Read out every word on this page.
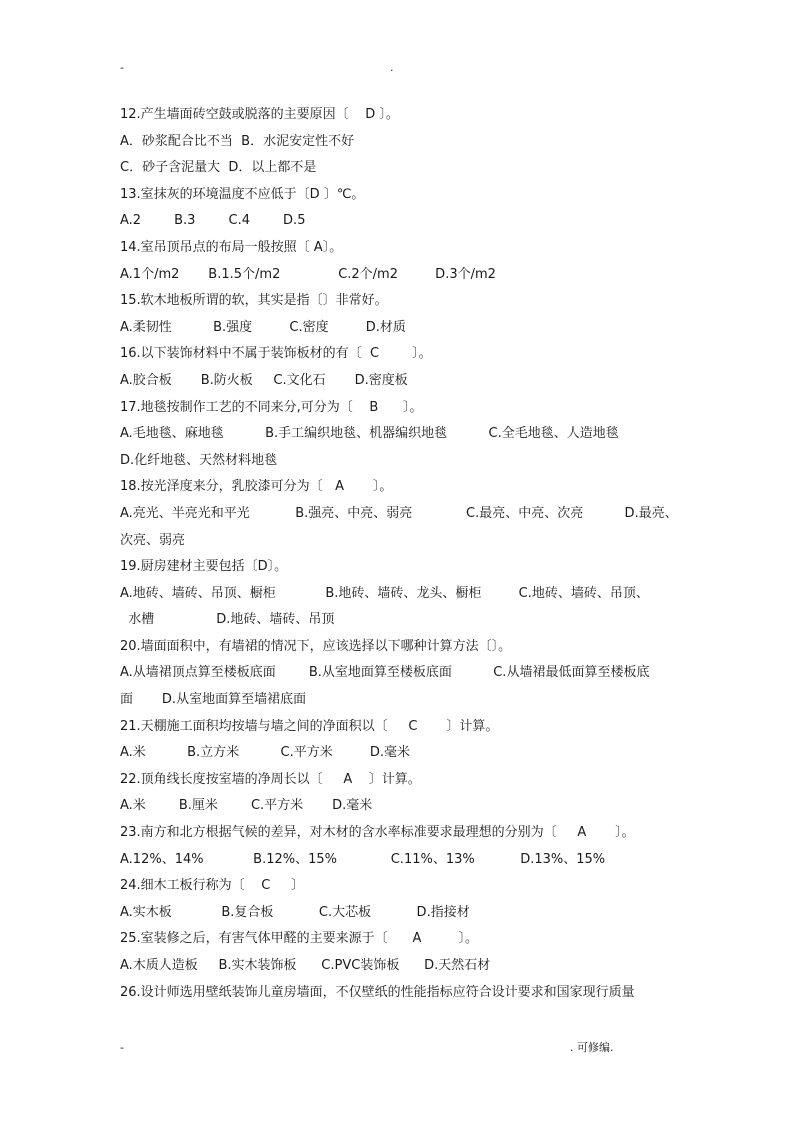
-	.
12.产生墙面砖空鼓或脱落的主要原因〔    D 〕。
A．砂浆配合比不当  B．水泥安定性不好
C．砂子含泥量大  D．以上都不是
13.室抹灰的环境温度不应低于〔D 〕℃。
A.2        B.3        C.4        D.5
14.室吊顶吊点的布局一般按照〔 A〕。
A.1个/m2       B.1.5个/m2              C.2个/m2         D.3个/m2
15.软木地板所谓的软，其实是指〔〕非常好。
A.柔韧性          B.强度         C.密度         D.材质
16.以下装饰材料中不属于装饰板材的有〔  C        〕。
A.胶合板       B.防火板     C.文化石       D.密度板
17.地毯按制作工艺的不同来分,可分为〔    B      〕。
A.毛地毯、麻地毯          B.手工编织地毯、机器编织地毯          C.全毛地毯、人造地毯
D.化纤地毯、天然材料地毯
18.按光泽度来分，乳胶漆可分为〔   A       〕。
A.亮光、半亮光和平光           B.强亮、中亮、弱亮             C.最亮、中亮、次亮          D.最亮、
次亮、弱亮
19.厨房建材主要包括〔D〕。
A.地砖、墙砖、吊顶、橱柜            B.地砖、墙砖、龙头、橱柜         C.地砖、墙砖、吊顶、
水槽               D.地砖、墙砖、吊顶
20.墙面面积中，有墙裙的情况下，应该选择以下哪种计算方法〔〕。
A.从墙裙顶点算至楼板底面        B.从室地面算至楼板底面          C.从墙裙最低面算至楼板底
面       D.从室地面算至墙裙底面
21.天棚施工面积均按墙与墙之间的净面积以〔     C       〕计算。
A.米          B.立方米          C.平方米         D.毫米
22.顶角线长度按室墙的净周长以〔     A    〕计算。
A.米        B.厘米        C.平方米       D.毫米
23.南方和北方根据气候的差异，对木材的含水率标准要求最理想的分别为〔     A       〕。
A.12%、14%            B.12%、15%             C.11%、13%           D.13%、15%
24.细木工板行称为〔    C     〕
A.实木板            B.复合板           C.大芯板           D.指接材
25.室装修之后，有害气体甲醛的主要来源于〔      A         〕。
A.木质人造板     B.实木装饰板      C.PVC装饰板      D.天然石材
26.设计师选用壁纸装饰儿童房墙面，不仅壁纸的性能指标应符合设计要求和国家现行质量
-	. 可修编.
